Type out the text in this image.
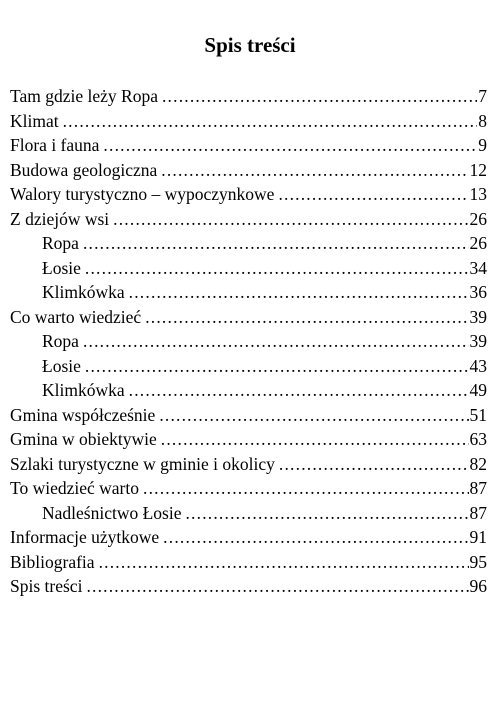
Spis treści
Tam gdzie leży Ropa .....	7
Klimat .....	8
Flora i fauna .....	9
Budowa geologiczna .....	12
Walory turystyczno – wypoczynkowe .....	13
Z dziejów wsi .....	26
Ropa .....	26
Łosie .....	34
Klimkówka .....	36
Co warto wiedzieć .....	39
Ropa .....	39
Łosie .....	43
Klimkówka .....	49
Gmina współcześnie .....	51
Gmina w obiektywie .....	63
Szlaki turystyczne w gminie i okolicy .....	82
To wiedzieć warto .....	87
Nadleśnictwo Łosie .....	87
Informacje użytkowe .....	91
Bibliografia .....	95
Spis treści .....	96
